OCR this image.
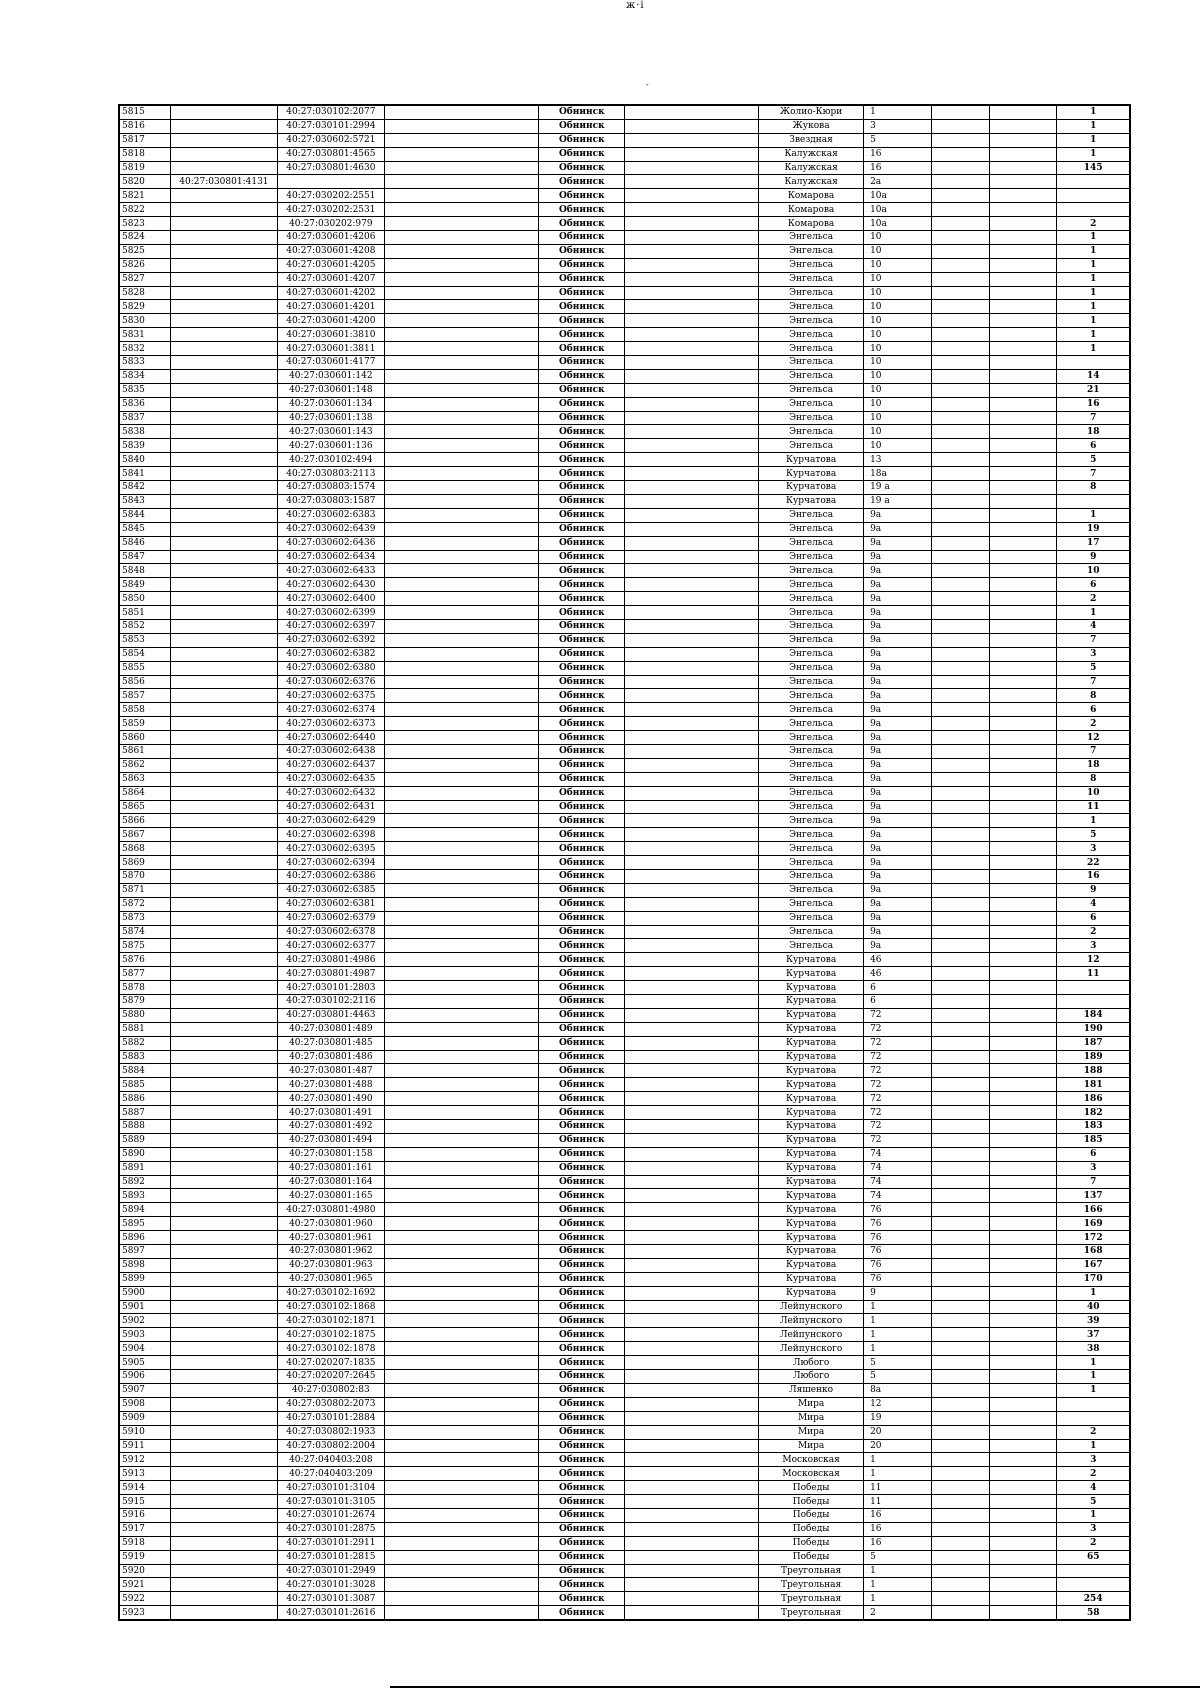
ж·і
-
5815		40:27:030102:2077		Обнинск		Жолио-Кюри	1			1
5816		40:27:030101:2994		Обнинск		Жукова	3			1
5817		40:27:030602:5721		Обнинск		Звездная	5			1
5818		40:27:030801:4565		Обнинск		Калужская	16			1
5819		40:27:030801:4630		Обнинск		Калужская	16			145
5820	40:27:030801:4131			Обнинск		Калужская	2а			
5821		40:27:030202:2551		Обнинск		Комарова	10а			
5822		40:27:030202:2531		Обнинск		Комарова	10а			
5823		40:27:030202:979		Обнинск		Комарова	10а			2
5824		40:27:030601:4206		Обнинск		Энгельса	10			1
5825		40:27:030601:4208		Обнинск		Энгельса	10			1
5826		40:27:030601:4205		Обнинск		Энгельса	10			1
5827		40:27:030601:4207		Обнинск		Энгельса	10			1
5828		40:27:030601:4202		Обнинск		Энгельса	10			1
5829		40:27:030601:4201		Обнинск		Энгельса	10			1
5830		40:27:030601:4200		Обнинск		Энгельса	10			1
5831		40:27:030601:3810		Обнинск		Энгельса	10			1
5832		40:27:030601:3811		Обнинск		Энгельса	10			1
5833		40:27:030601:4177		Обнинск		Энгельса	10			
5834		40:27:030601:142		Обнинск		Энгельса	10			14
5835		40:27:030601:148		Обнинск		Энгельса	10			21
5836		40:27:030601:134		Обнинск		Энгельса	10			16
5837		40:27:030601:138		Обнинск		Энгельса	10			7
5838		40:27:030601:143		Обнинск		Энгельса	10			18
5839		40:27:030601:136		Обнинск		Энгельса	10			6
5840		40:27:030102:494		Обнинск		Курчатова	13			5
5841		40:27:030803:2113		Обнинск		Курчатова	18а			7
5842		40:27:030803:1574		Обнинск		Курчатова	19 а			8
5843		40:27:030803:1587		Обнинск		Курчатова	19 а			
5844		40:27:030602:6383		Обнинск		Энгельса	9а			1
5845		40:27:030602:6439		Обнинск		Энгельса	9а			19
5846		40:27:030602:6436		Обнинск		Энгельса	9а			17
5847		40:27:030602:6434		Обнинск		Энгельса	9а			9
5848		40:27:030602:6433		Обнинск		Энгельса	9а			10
5849		40:27:030602:6430		Обнинск		Энгельса	9а			6
5850		40:27:030602:6400		Обнинск		Энгельса	9а			2
5851		40:27:030602:6399		Обнинск		Энгельса	9а			1
5852		40:27:030602:6397		Обнинск		Энгельса	9а			4
5853		40:27:030602:6392		Обнинск		Энгельса	9а			7
5854		40:27:030602:6382		Обнинск		Энгельса	9а			3
5855		40:27:030602:6380		Обнинск		Энгельса	9а			5
5856		40:27:030602:6376		Обнинск		Энгельса	9а			7
5857		40:27:030602:6375		Обнинск		Энгельса	9а			8
5858		40:27:030602:6374		Обнинск		Энгельса	9а			6
5859		40:27:030602:6373		Обнинск		Энгельса	9а			2
5860		40:27:030602:6440		Обнинск		Энгельса	9а			12
5861		40:27:030602:6438		Обнинск		Энгельса	9а			7
5862		40:27:030602:6437		Обнинск		Энгельса	9а			18
5863		40:27:030602:6435		Обнинск		Энгельса	9а			8
5864		40:27:030602:6432		Обнинск		Энгельса	9а			10
5865		40:27:030602:6431		Обнинск		Энгельса	9а			11
5866		40:27:030602:6429		Обнинск		Энгельса	9а			1
5867		40:27:030602:6398		Обнинск		Энгельса	9а			5
5868		40:27:030602:6395		Обнинск		Энгельса	9а			3
5869		40:27:030602:6394		Обнинск		Энгельса	9а			22
5870		40:27:030602:6386		Обнинск		Энгельса	9а			16
5871		40:27:030602:6385		Обнинск		Энгельса	9а			9
5872		40:27:030602:6381		Обнинск		Энгельса	9а			4
5873		40:27:030602:6379		Обнинск		Энгельса	9а			6
5874		40:27:030602:6378		Обнинск		Энгельса	9а			2
5875		40:27:030602:6377		Обнинск		Энгельса	9а			3
5876		40:27:030801:4986		Обнинск		Курчатова	46			12
5877		40:27:030801:4987		Обнинск		Курчатова	46			11
5878		40:27:030101:2803		Обнинск		Курчатова	6			
5879		40:27:030102:2116		Обнинск		Курчатова	6			
5880		40:27:030801:4463		Обнинск		Курчатова	72			184
5881		40:27:030801:489		Обнинск		Курчатова	72			190
5882		40:27:030801:485		Обнинск		Курчатова	72			187
5883		40:27:030801:486		Обнинск		Курчатова	72			189
5884		40:27:030801:487		Обнинск		Курчатова	72			188
5885		40:27:030801:488		Обнинск		Курчатова	72			181
5886		40:27:030801:490		Обнинск		Курчатова	72			186
5887		40:27:030801:491		Обнинск		Курчатова	72			182
5888		40:27:030801:492		Обнинск		Курчатова	72			183
5889		40:27:030801:494		Обнинск		Курчатова	72			185
5890		40:27:030801:158		Обнинск		Курчатова	74			6
5891		40:27:030801:161		Обнинск		Курчатова	74			3
5892		40:27:030801:164		Обнинск		Курчатова	74			7
5893		40:27:030801:165		Обнинск		Курчатова	74			137
5894		40:27:030801:4980		Обнинск		Курчатова	76			166
5895		40:27:030801:960		Обнинск		Курчатова	76			169
5896		40:27:030801:961		Обнинск		Курчатова	76			172
5897		40:27:030801:962		Обнинск		Курчатова	76			168
5898		40:27:030801:963		Обнинск		Курчатова	76			167
5899		40:27:030801:965		Обнинск		Курчатова	76			170
5900		40:27:030102:1692		Обнинск		Курчатова	9			1
5901		40:27:030102:1868		Обнинск		Лейпунского	1			40
5902		40:27:030102:1871		Обнинск		Лейпунского	1			39
5903		40:27:030102:1875		Обнинск		Лейпунского	1			37
5904		40:27:030102:1878		Обнинск		Лейпунского	1			38
5905		40:27:020207:1835		Обнинск		Любого	5			1
5906		40:27:020207:2645		Обнинск		Любого	5			1
5907		40:27:030802:83		Обнинск		Ляшенко	8а			1
5908		40:27:030802:2073		Обнинск		Мира	12			
5909		40:27:030101:2884		Обнинск		Мира	19			
5910		40:27:030802:1933		Обнинск		Мира	20			2
5911		40:27:030802:2004		Обнинск		Мира	20			1
5912		40:27:040403:208		Обнинск		Московская	1			3
5913		40:27:040403:209		Обнинск		Московская	1			2
5914		40:27:030101:3104		Обнинск		Победы	11			4
5915		40:27:030101:3105		Обнинск		Победы	11			5
5916		40:27:030101:2674		Обнинск		Победы	16			1
5917		40:27:030101:2875		Обнинск		Победы	16			3
5918		40:27:030101:2911		Обнинск		Победы	16			2
5919		40:27:030101:2815		Обнинск		Победы	5			65
5920		40:27:030101:2949		Обнинск		Треугольная	1			
5921		40:27:030101:3028		Обнинск		Треугольная	1			
5922		40:27:030101:3087		Обнинск		Треугольная	1			254
5923		40:27:030101:2616		Обнинск		Треугольная	2			58
